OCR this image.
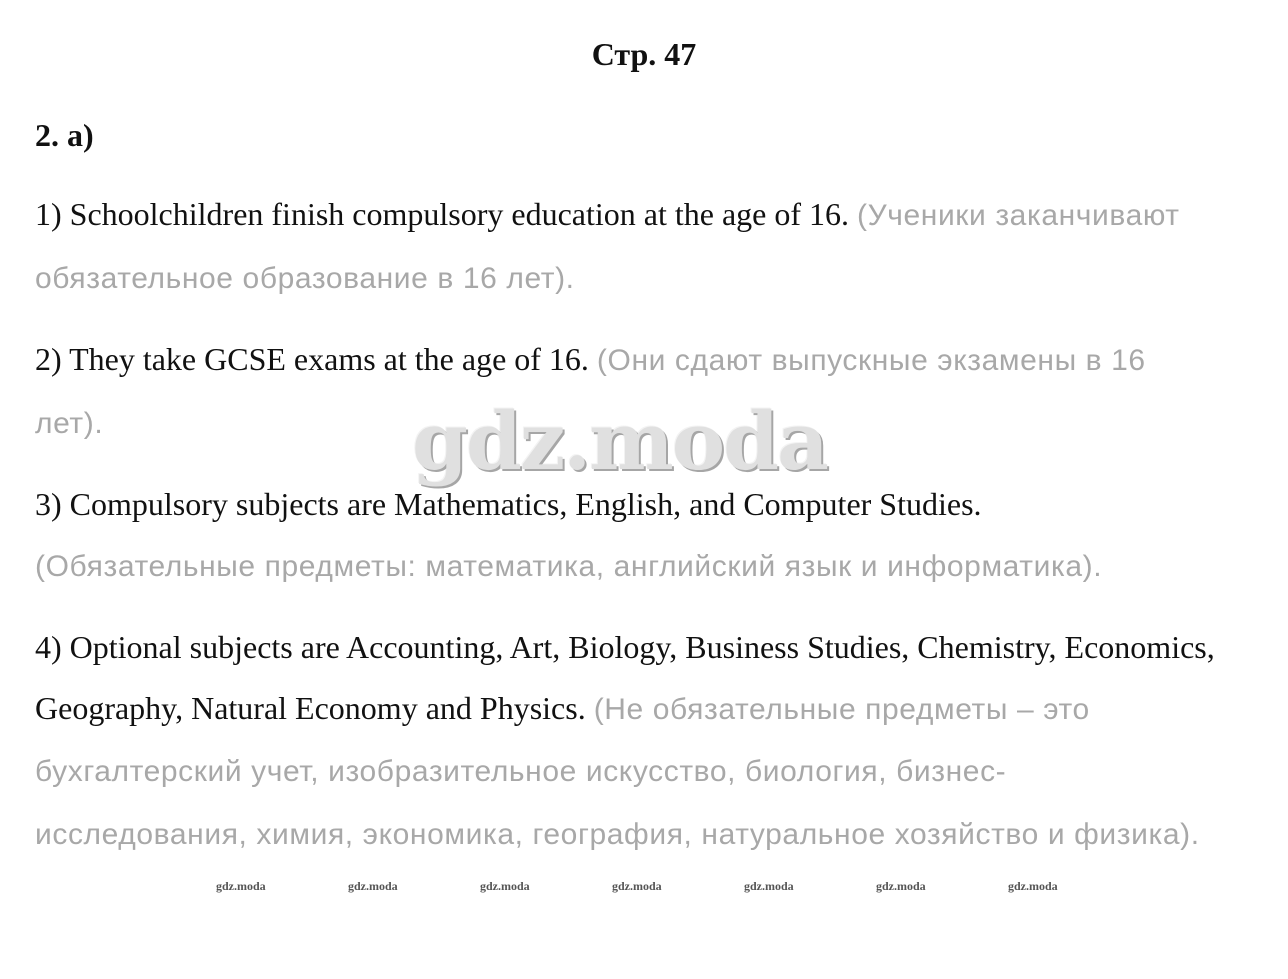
Стр. 47
2. a)

1) Schoolchildren finish compulsory education at the age of 16. (Ученики заканчивают обязательное образование в 16 лет).

2) They take GCSE exams at the age of 16. (Они сдают выпускные экзамены в 16 лет).

3) Compulsory subjects are Mathematics, English, and Computer Studies.
(Обязательные предметы: математика, английский язык и информатика).

4) Optional subjects are Accounting, Art, Biology, Business Studies, Chemistry, Economics, Geography, Natural Economy and Physics. (Не обязательные предметы – это бухгалтерский учет, изобразительное искусство, биология, бизнес-исследования, химия, экономика, география, натуральное хозяйство и физика).

gdz.moda
gdz.moda	gdz.moda	gdz.moda	gdz.moda	gdz.moda	gdz.moda	gdz.moda
